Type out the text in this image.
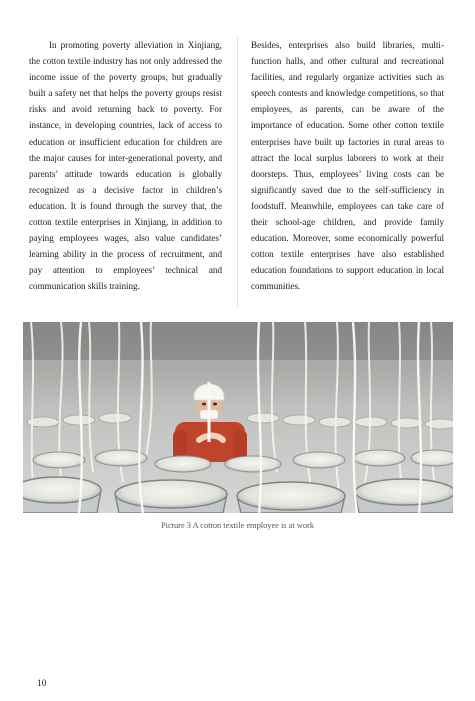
In promoting poverty alleviation in Xinjiang, the cotton textile industry has not only addressed the income issue of the poverty groups, but gradually built a safety net that helps the poverty groups resist risks and avoid returning back to poverty. For instance, in developing countries, lack of access to education or insufficient education for children are the major causes for inter-generational poverty, and parents’ attitude towards education is globally recognized as a decisive factor in children’s education. It is found through the survey that, the cotton textile enterprises in Xinjiang, in addition to paying employees wages, also value candidates’ learning ability in the process of recruitment, and pay attention to employees’ technical and communication skills training.

Besides, enterprises also build libraries, multi-function halls, and other cultural and recreational facilities, and regularly organize activities such as speech contests and knowledge competitions, so that employees, as parents, can be aware of the importance of education. Some other cotton textile enterprises have built up factories in rural areas to attract the local surplus laborers to work at their doorsteps. Thus, employees’ living costs can be significantly saved due to the self-sufficiency in foodstuff. Meanwhile, employees can take care of their school-age children, and provide family education. Moreover, some economically powerful cotton textile enterprises have also established education foundations to support education in local communities.

Picture 3 A cotton textile employee is at work
10
